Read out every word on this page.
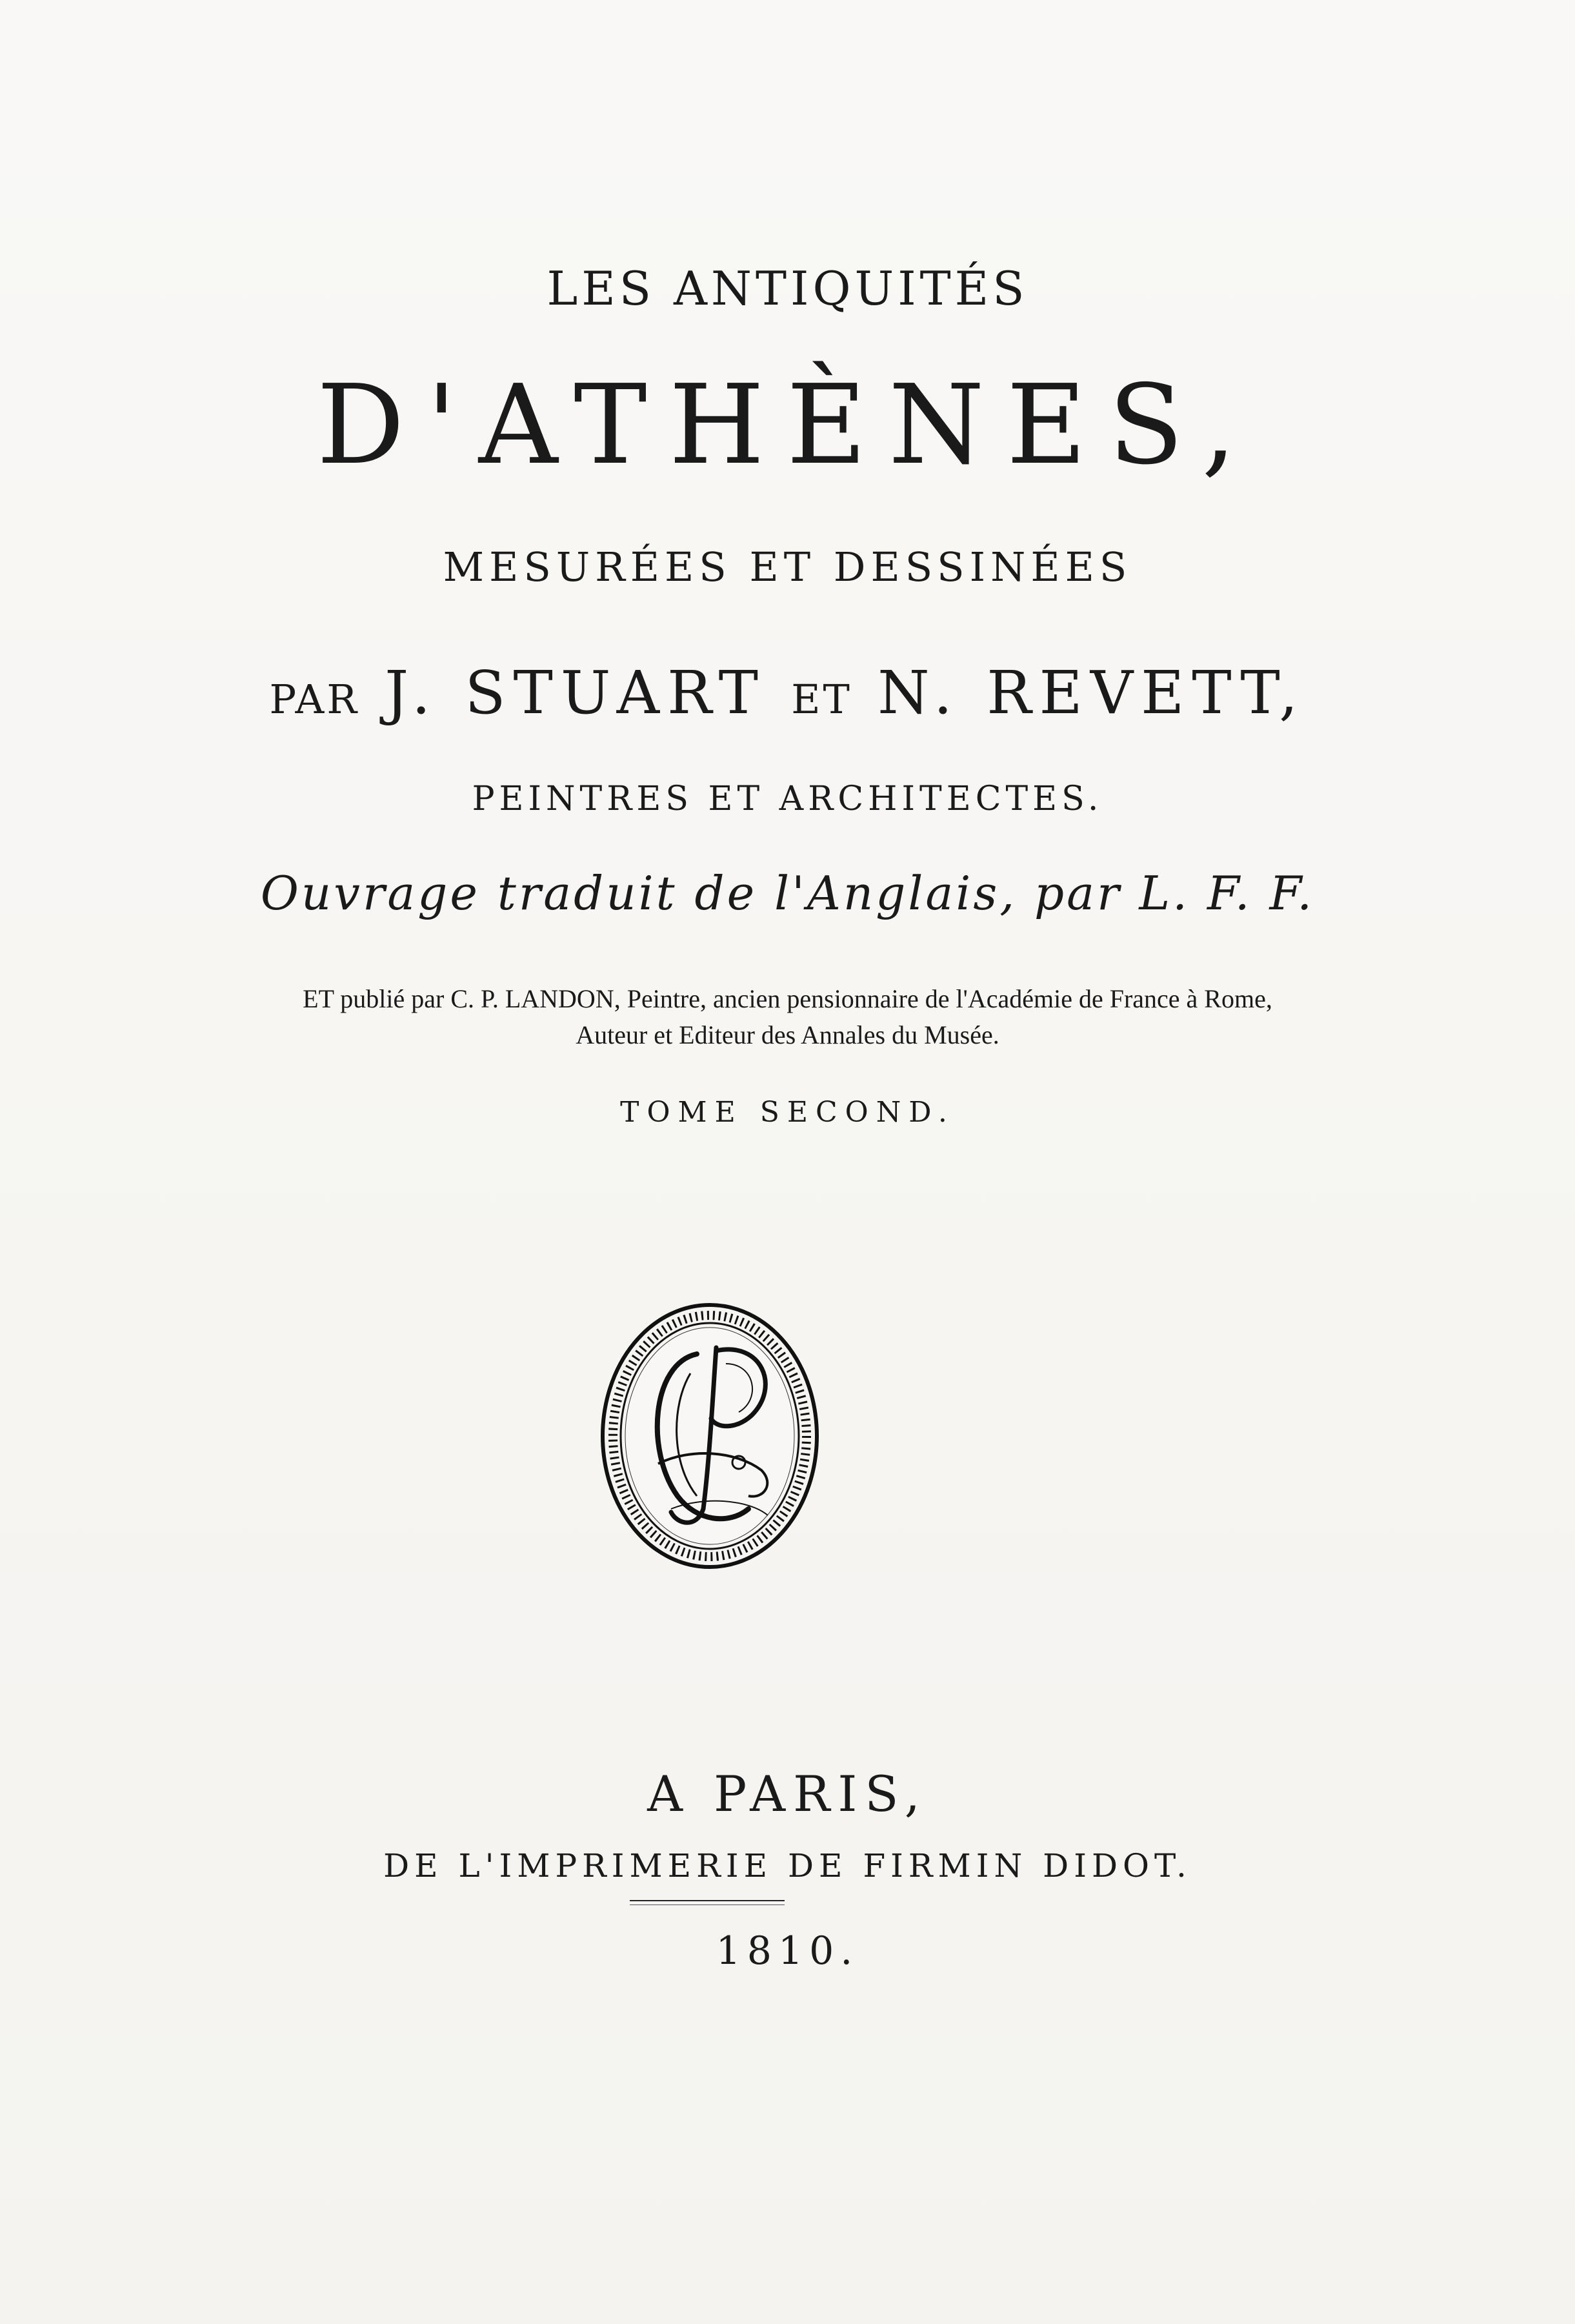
LES ANTIQUITÉS
D'ATHÈNES,
MESURÉES ET DESSINÉES
PAR J. STUART ET N. REVETT,
PEINTRES ET ARCHITECTES.
Ouvrage traduit de l'Anglais, par L. F. F.
ET publié par C. P. LANDON, Peintre, ancien pensionnaire de l'Académie de France à Rome,
Auteur et Editeur des Annales du Musée.
TOME SECOND.
A PARIS,
DE L'IMPRIMERIE DE FIRMIN DIDOT.
1810.
